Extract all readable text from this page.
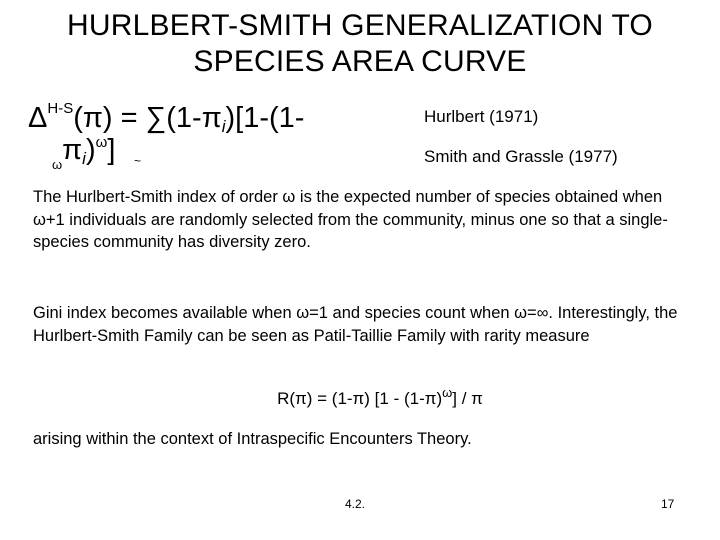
HURLBERT-SMITH GENERALIZATION TO
SPECIES AREA CURVE
$\Delta^{H-S}(\pi) = \sum(1-\pi i)[1-(1-$
$_\omega$πi)$^\omega$] ~
Hurlbert (1971)
Smith and Grassle (1977)
The Hurlbert-Smith index of order ω is the expected number of species obtained when ω+1 individuals are randomly selected from the community, minus one so that a single-species community has diversity zero.
Gini index becomes available when ω=1 and species count when ω=∞. Interestingly, the Hurlbert-Smith Family can be seen as Patil-Taillie Family with rarity measure
R(π) = (1-π) $[1 - (1-\pi)^\omega]$ / π
arising within the context of Intraspecific Encounters Theory.
4.2.	17
